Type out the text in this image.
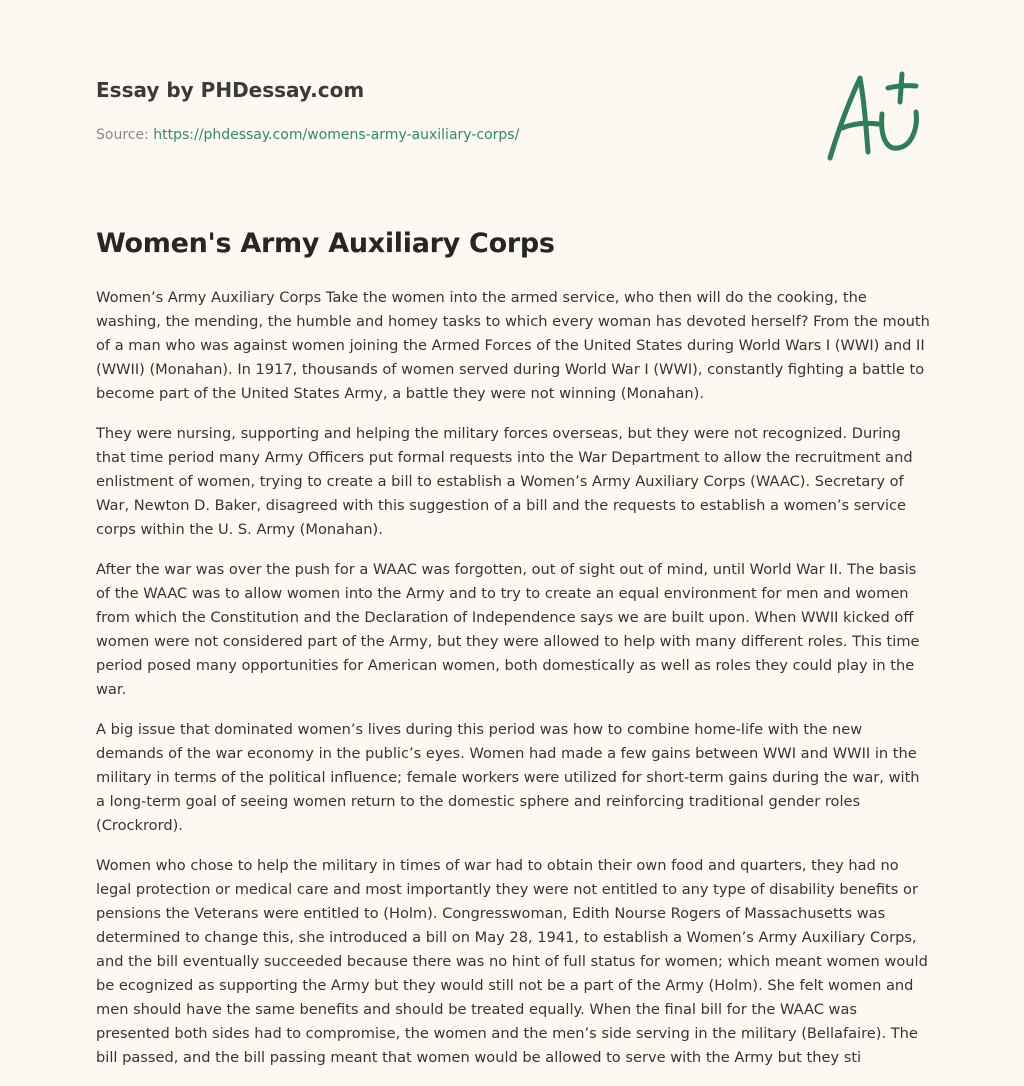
Essay by PHDessay.com
Source: https://phdessay.com/womens-army-auxiliary-corps/
Women's Army Auxiliary Corps

Women’s Army Auxiliary Corps Take the women into the armed service, who then will do the cooking, the washing, the mending, the humble and homey tasks to which every woman has devoted herself? From the mouth of a man who was against women joining the Armed Forces of the United States during World Wars I (WWI) and II (WWII) (Monahan). In 1917, thousands of women served during World War I (WWI), constantly fighting a battle to become part of the United States Army, a battle they were not winning (Monahan).

They were nursing, supporting and helping the military forces overseas, but they were not recognized. During that time period many Army Officers put formal requests into the War Department to allow the recruitment and enlistment of women, trying to create a bill to establish a Women’s Army Auxiliary Corps (WAAC). Secretary of War, Newton D. Baker, disagreed with this suggestion of a bill and the requests to establish a women’s service corps within the U. S. Army (Monahan).

After the war was over the push for a WAAC was forgotten, out of sight out of mind, until World War II. The basis of the WAAC was to allow women into the Army and to try to create an equal environment for men and women from which the Constitution and the Declaration of Independence says we are built upon. When WWII kicked off women were not considered part of the Army, but they were allowed to help with many different roles. This time period posed many opportunities for American women, both domestically as well as roles they could play in the war.

A big issue that dominated women’s lives during this period was how to combine home-life with the new demands of the war economy in the public’s eyes. Women had made a few gains between WWI and WWII in the military in terms of the political influence; female workers were utilized for short-term gains during the war, with a long-term goal of seeing women return to the domestic sphere and reinforcing traditional gender roles (Crockrord).

Women who chose to help the military in times of war had to obtain their own food and quarters, they had no legal protection or medical care and most importantly they were not entitled to any type of disability benefits or pensions the Veterans were entitled to (Holm). Congresswoman, Edith Nourse Rogers of Massachusetts was determined to change this, she introduced a bill on May 28, 1941, to establish a Women’s Army Auxiliary Corps, and the bill eventually succeeded because there was no hint of full status for women; which meant women would be ecognized as supporting the Army but they would still not be a part of the Army (Holm). She felt women and men should have the same benefits and should be treated equally. When the final bill for the WAAC was presented both sides had to compromise, the women and the men’s side serving in the military (Bellafaire). The bill passed, and the bill passing meant that women would be allowed to serve with the Army but they sti
